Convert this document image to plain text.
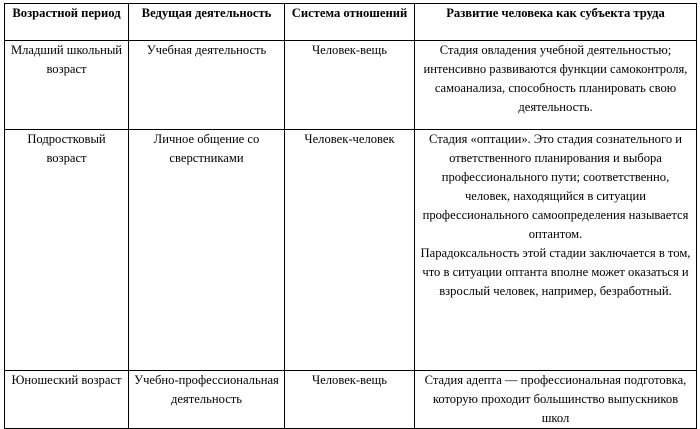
Возрастной период	Ведущая деятельность	Система отношений	Развитие человека как субъекта труда

Младший школьный возраст	Учебная деятельность	Человек-вещь	Стадия овладения учебной деятельностью; интенсивно развиваются функции самоконтроля, самоанализа, способность планировать свою деятельность.

Подростковый возраст	Личное общение со сверстниками	Человек-человек	Стадия «оптации». Это стадия сознательного и ответственного планирования и выбора профессионального пути; соответственно, человек, находящийся в ситуации профессионального самоопределения называется оптантом.
Парадоксальность этой стадии заключается в том, что в ситуации оптанта вполне может оказаться и взрослый человек, например, безработный.

Юношеский возраст	Учебно-профессиональная деятельность	Человек-вещь	Стадия адепта — профессиональная подготовка, которую проходит большинство выпускников школ
